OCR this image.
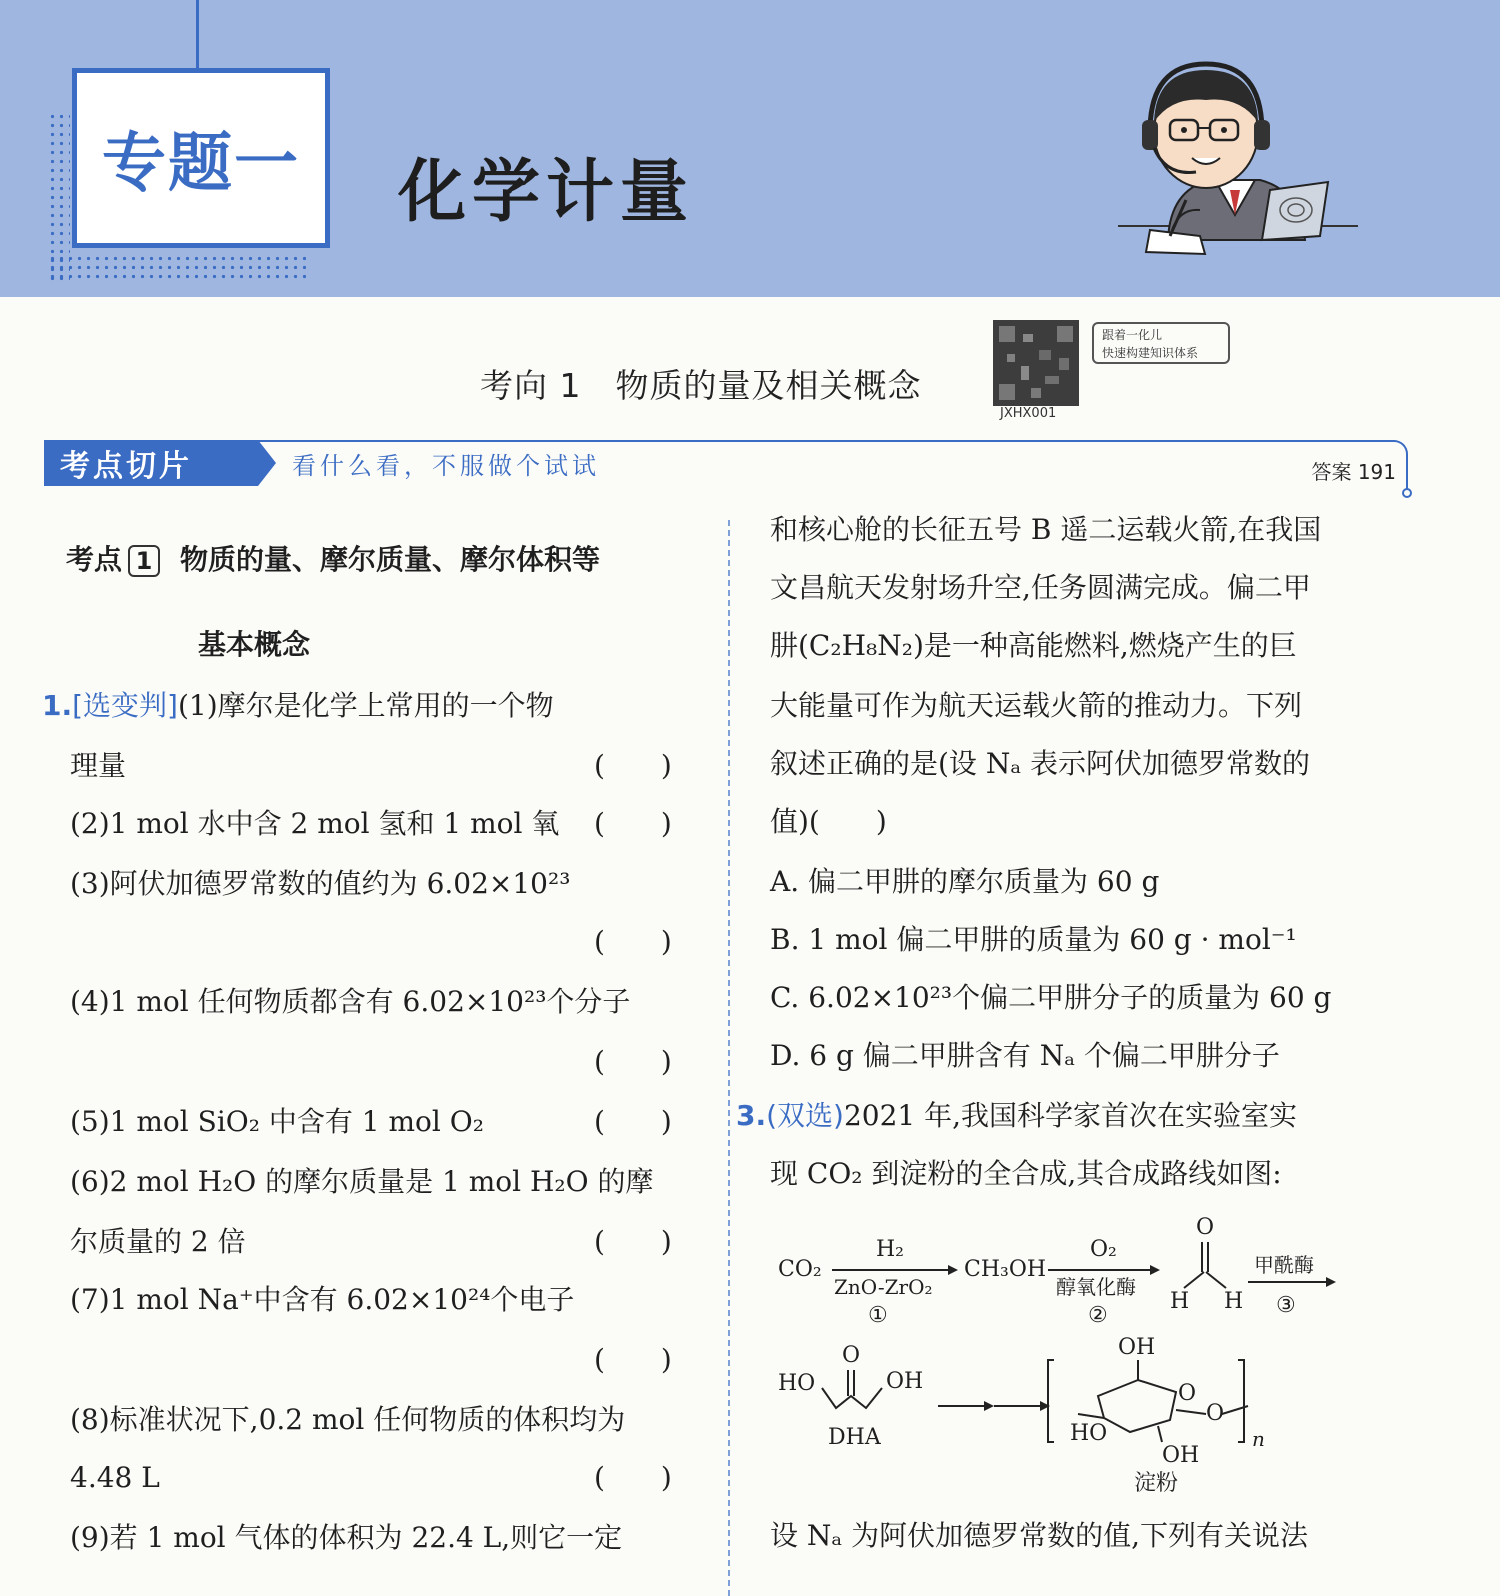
专题一 化学计量
考向 1　物质的量及相关概念
JXHX001
跟着一化儿
快速构建知识体系
考点切片	看什么看，不服做个试试	答案 191
考点 1 物质的量、摩尔质量、摩尔体积等
基本概念
1.[选变判](1)摩尔是化学上常用的一个物
理量	(　　)
(2)1 mol 水中含 2 mol 氢和 1 mol 氧 (　　)
(3)阿伏加德罗常数的值约为 6.02×10²³
(　　)
(4)1 mol 任何物质都含有 6.02×10²³个分子
(　　)
(5)1 mol SiO₂ 中含有 1 mol O₂	(　　)
(6)2 mol H₂O 的摩尔质量是 1 mol H₂O 的摩
尔质量的 2 倍	(　　)
(7)1 mol Na⁺中含有 6.02×10²⁴个电子
(　　)
(8)标准状况下,0.2 mol 任何物质的体积均为
4.48 L	(　　)
(9)若 1 mol 气体的体积为 22.4 L,则它一定
和核心舱的长征五号 B 遥二运载火箭,在我国
文昌航天发射场升空,任务圆满完成。偏二甲
肼(C₂H₈N₂)是一种高能燃料,燃烧产生的巨
大能量可作为航天运载火箭的推动力。下列
叙述正确的是(设 Nₐ 表示阿伏加德罗常数的
值)(　　)
A. 偏二甲肼的摩尔质量为 60 g
B. 1 mol 偏二甲肼的质量为 60 g · mol⁻¹
C. 6.02×10²³个偏二甲肼分子的质量为 60 g
D. 6 g 偏二甲肼含有 Nₐ 个偏二甲肼分子
3.(双选)2021 年,我国科学家首次在实验室实
现 CO₂ 到淀粉的全合成,其合成路线如图:
CO₂
H₂
ZnO-ZrO₂
①
CH₃OH
O₂
醇氧化酶
②
O
H H
甲酰酶
③
O
HO	OH
DHA
OH
O
O
HO
OH
n
淀粉
设 Nₐ 为阿伏加德罗常数的值,下列有关说法
